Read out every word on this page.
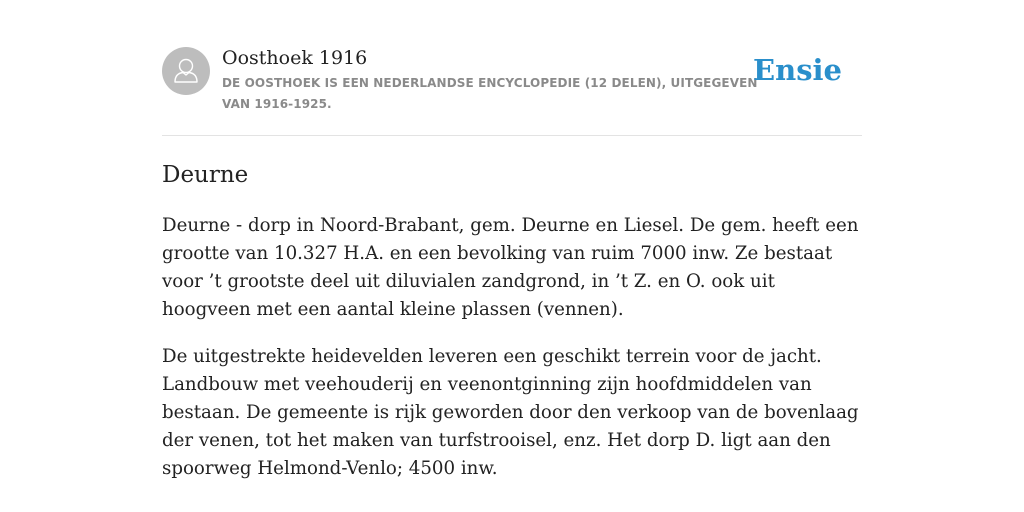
Oosthoek 1916
DE OOSTHOEK IS EEN NEDERLANDSE ENCYCLOPEDIE (12 DELEN), UITGEGEVEN VAN 1916-1925.
Ensie
Deurne

Deurne - dorp in Noord-Brabant, gem. Deurne en Liesel. De gem. heeft een grootte van 10.327 H.A. en een bevolking van ruim 7000 inw. Ze bestaat voor ’t grootste deel uit diluvialen zandgrond, in ’t Z. en O. ook uit hoogveen met een aantal kleine plassen (vennen).

De uitgestrekte heidevelden leveren een geschikt terrein voor de jacht. Landbouw met veehouderij en veenontginning zijn hoofdmiddelen van bestaan. De gemeente is rijk geworden door den verkoop van de bovenlaag der venen, tot het maken van turfstrooisel, enz. Het dorp D. ligt aan den spoorweg Helmond-Venlo; 4500 inw.
